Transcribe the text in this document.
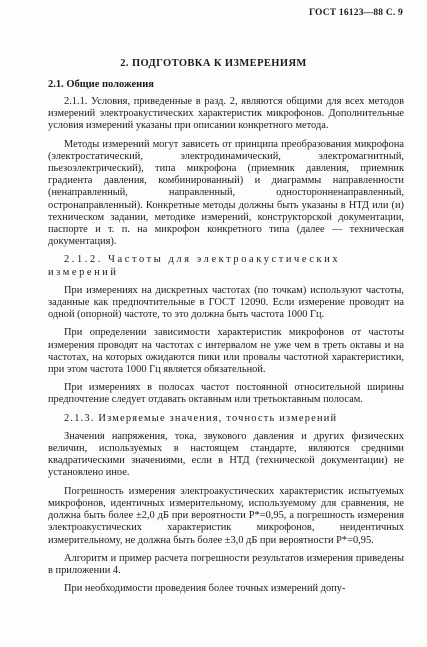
ГОСТ 16123—88 С. 9
2. ПОДГОТОВКА К ИЗМЕРЕНИЯМ
2.1. Общие положения

2.1.1. Условия, приведенные в разд. 2, являются общими для всех методов измерений электроакустических характеристик микрофонов. Дополнительные условия измерений указаны при описании конкретного метода.

Методы измерений могут зависеть от принципа преобразования микрофона (электростатический, электродинамический, электромагнитный, пьезоэлектрический), типа микрофона (приемник давления, приемник градиента давления, комбинированный) и диаграммы направленности (ненаправленный, направленный, односторонненаправленный, остронаправленный). Конкретные методы должны быть указаны в НТД или (и) техническом задании, методике измерений, конструкторской документации, паспорте и т. п. на микрофон конкретного типа (далее — техническая документация).

2.1.2. Частоты для электроакустических измерений

При измерениях на дискретных частотах (по точкам) используют частоты, заданные как предпочтительные в ГОСТ 12090. Если измерение проводят на одной (опорной) частоте, то это должна быть частота 1000 Гц.

При определении зависимости характеристик микрофонов от частоты измерения проводят на частотах с интервалом не уже чем в треть октавы и на частотах, на которых ожидаются пики или провалы частотной характеристики, при этом частота 1000 Гц является обязательной.

При измерениях в полосах частот постоянной относительной ширины предпочтение следует отдавать октавным или третьоктавным полосам.

2.1.3. Измеряемые значения, точность измерений

Значения напряжения, тока, звукового давления и других физических величин, используемых в настоящем стандарте, являются средними квадратическими значениями, если в НТД (технической документации) не установлено иное.

Погрешность измерения электроакустических характеристик испытуемых микрофонов, идентичных измерительному, используемому для сравнения, не должна быть более ±2,0 дБ при вероятности P*=0,95, а погрешность измерения электроакустических характеристик микрофонов, неидентичных измерительному, не должна быть более ±3,0 дБ при вероятности P*=0,95.

Алгоритм и пример расчета погрешности результатов измерения приведены в приложении 4.

При необходимости проведения более точных измерений допу-
